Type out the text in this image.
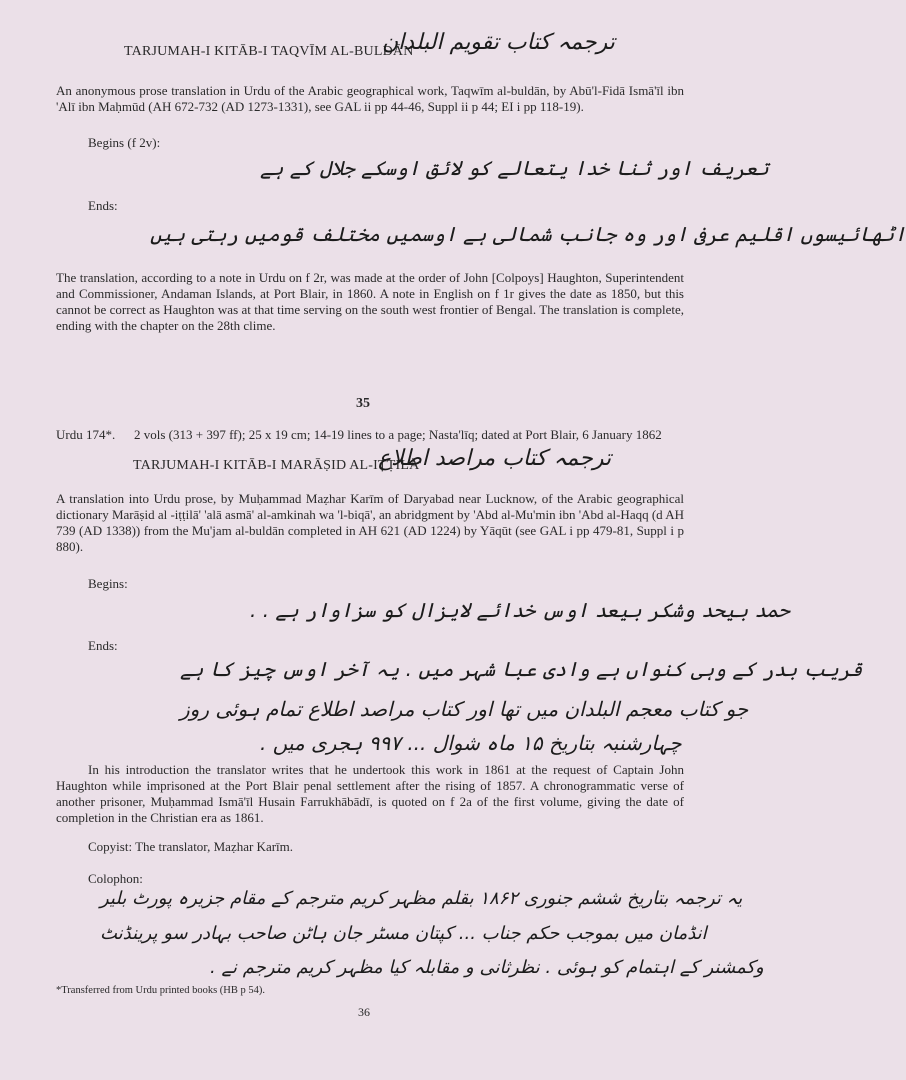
TARJUMAH-I KITĀB-I TAQVĪM AL-BULDĀN
ترجمہ کتاب تقویم البلدان
An anonymous prose translation in Urdu of the Arabic geographical work, Taqwīm al-buldān, by Abū'l-Fidā Ismā'īl ibn 'Alī ibn Maḥmūd (AH 672-732 (AD 1273-1331), see GAL ii pp 44-46, Suppl ii p 44; EI i pp 118-19).
Begins (f 2v):
تعریف اور ثنا خدا یتعالے کو لائق اوسکے جلال کے ہے
Ends:
اٹھائیسوں اقلیم عرفی اور وہ جانب شمالی ہے اوسمیں مختلف قومیں رہتی ہیں
The translation, according to a note in Urdu on f 2r, was made at the order of John [Colpoys] Haughton, Superintendent and Commissioner, Andaman Islands, at Port Blair, in 1860. A note in English on f 1r gives the date as 1850, but this cannot be correct as Haughton was at that time serving on the south west frontier of Bengal. The translation is complete, ending with the chapter on the 28th clime.
35
Urdu 174*. 2 vols (313 + 397 ff); 25 x 19 cm; 14-19 lines to a page; Nasta'līq; dated at Port Blair, 6 January 1862
TARJUMAH-I KITĀB-I MARĀṢID AL-IṬṬILĀ'
ترجمہ کتاب مراصد اطلاع
A translation into Urdu prose, by Muḥammad Maẓhar Karīm of Daryabad near Lucknow, of the Arabic geographical dictionary Marāṣid al -iṭṭilā' 'alā asmā' al-amkinah wa 'l-biqā', an abridgment by 'Abd al-Mu'min ibn 'Abd al-Haqq (d AH 739 (AD 1338)) from the Mu'jam al-buldān completed in AH 621 (AD 1224) by Yāqūt (see GAL i pp 479-81, Suppl i p 880).
Begins:
حمد بیحد وشکر بیعد اوس خدائے لایزال کو سزاوار ہے . .
Ends:
قریب بدر کے وہی کنواں ہے وادی عبا شہر میں . یہ آخر اوس چیز کا ہے
جو کتاب معجم البلدان میں تھا اور کتاب مراصد اطلاع تمام ہوئی روز
چہارشنبہ بتاریخ ۱۵ ماہ شوال ... ۹۹۷ ہجری میں .
In his introduction the translator writes that he undertook this work in 1861 at the request of Captain John Haughton while imprisoned at the Port Blair penal settlement after the rising of 1857. A chronogrammatic verse of another prisoner, Muḥammad Ismā'īl Husain Farrukhābādī, is quoted on f 2a of the first volume, giving the date of completion in the Christian era as 1861.
Copyist: The translator, Maẓhar Karīm.
Colophon:
یہ ترجمہ بتاریخ ششم جنوری ۱۸۶۲ بقلم مظہر کریم مترجم کے مقام جزیرہ پورٹ بلیر
انڈمان میں بموجب حکم جناب ... کپتان مسٹر جان ہاٹن صاحب بہادر سو پرینڈنٹ
وکمشنر کے اہتمام کو ہوئی . نظرثانی و مقابلہ کیا مظہر کریم مترجم نے .
*Transferred from Urdu printed books (HB p 54).
36
